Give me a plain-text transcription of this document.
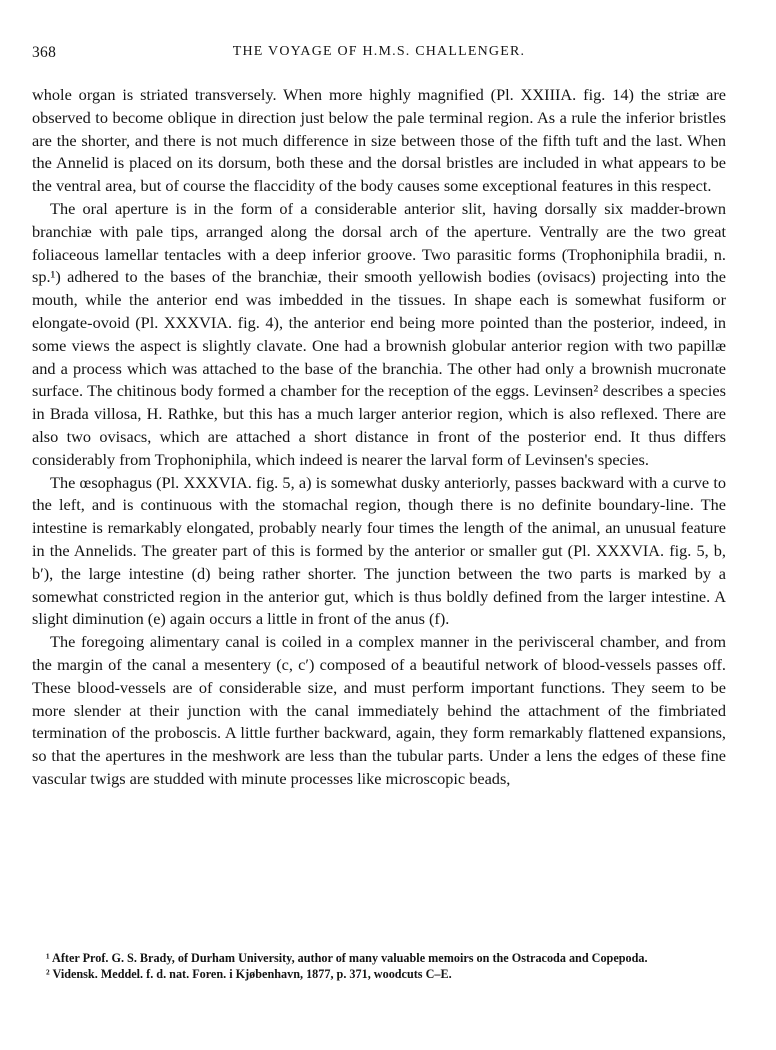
368	THE VOYAGE OF H.M.S. CHALLENGER.

whole organ is striated transversely. When more highly magnified (Pl. XXIIIA. fig. 14) the striæ are observed to become oblique in direction just below the pale terminal region. As a rule the inferior bristles are the shorter, and there is not much difference in size between those of the fifth tuft and the last. When the Annelid is placed on its dorsum, both these and the dorsal bristles are included in what appears to be the ventral area, but of course the flaccidity of the body causes some exceptional features in this respect.

The oral aperture is in the form of a considerable anterior slit, having dorsally six madder-brown branchiæ with pale tips, arranged along the dorsal arch of the aperture. Ventrally are the two great foliaceous lamellar tentacles with a deep inferior groove. Two parasitic forms (Trophoniphila bradii, n. sp.¹) adhered to the bases of the branchiæ, their smooth yellowish bodies (ovisacs) projecting into the mouth, while the anterior end was imbedded in the tissues. In shape each is somewhat fusiform or elongate-ovoid (Pl. XXXVIA. fig. 4), the anterior end being more pointed than the posterior, indeed, in some views the aspect is slightly clavate. One had a brownish globular anterior region with two papillæ and a process which was attached to the base of the branchia. The other had only a brownish mucronate surface. The chitinous body formed a chamber for the reception of the eggs. Levinsen² describes a species in Brada villosa, H. Rathke, but this has a much larger anterior region, which is also reflexed. There are also two ovisacs, which are attached a short distance in front of the posterior end. It thus differs considerably from Trophoniphila, which indeed is nearer the larval form of Levinsen's species.

The œsophagus (Pl. XXXVIA. fig. 5, a) is somewhat dusky anteriorly, passes backward with a curve to the left, and is continuous with the stomachal region, though there is no definite boundary-line. The intestine is remarkably elongated, probably nearly four times the length of the animal, an unusual feature in the Annelids. The greater part of this is formed by the anterior or smaller gut (Pl. XXXVIA. fig. 5, b, b′), the large intestine (d) being rather shorter. The junction between the two parts is marked by a somewhat constricted region in the anterior gut, which is thus boldly defined from the larger intestine. A slight diminution (e) again occurs a little in front of the anus (f).

The foregoing alimentary canal is coiled in a complex manner in the perivisceral chamber, and from the margin of the canal a mesentery (c, c′) composed of a beautiful network of blood-vessels passes off. These blood-vessels are of considerable size, and must perform important functions. They seem to be more slender at their junction with the canal immediately behind the attachment of the fimbriated termination of the proboscis. A little further backward, again, they form remarkably flattened expansions, so that the apertures in the meshwork are less than the tubular parts. Under a lens the edges of these fine vascular twigs are studded with minute processes like microscopic beads,

¹ After Prof. G. S. Brady, of Durham University, author of many valuable memoirs on the Ostracoda and Copepoda.

² Vidensk. Meddel. f. d. nat. Foren. i Kjøbenhavn, 1877, p. 371, woodcuts C–E.
